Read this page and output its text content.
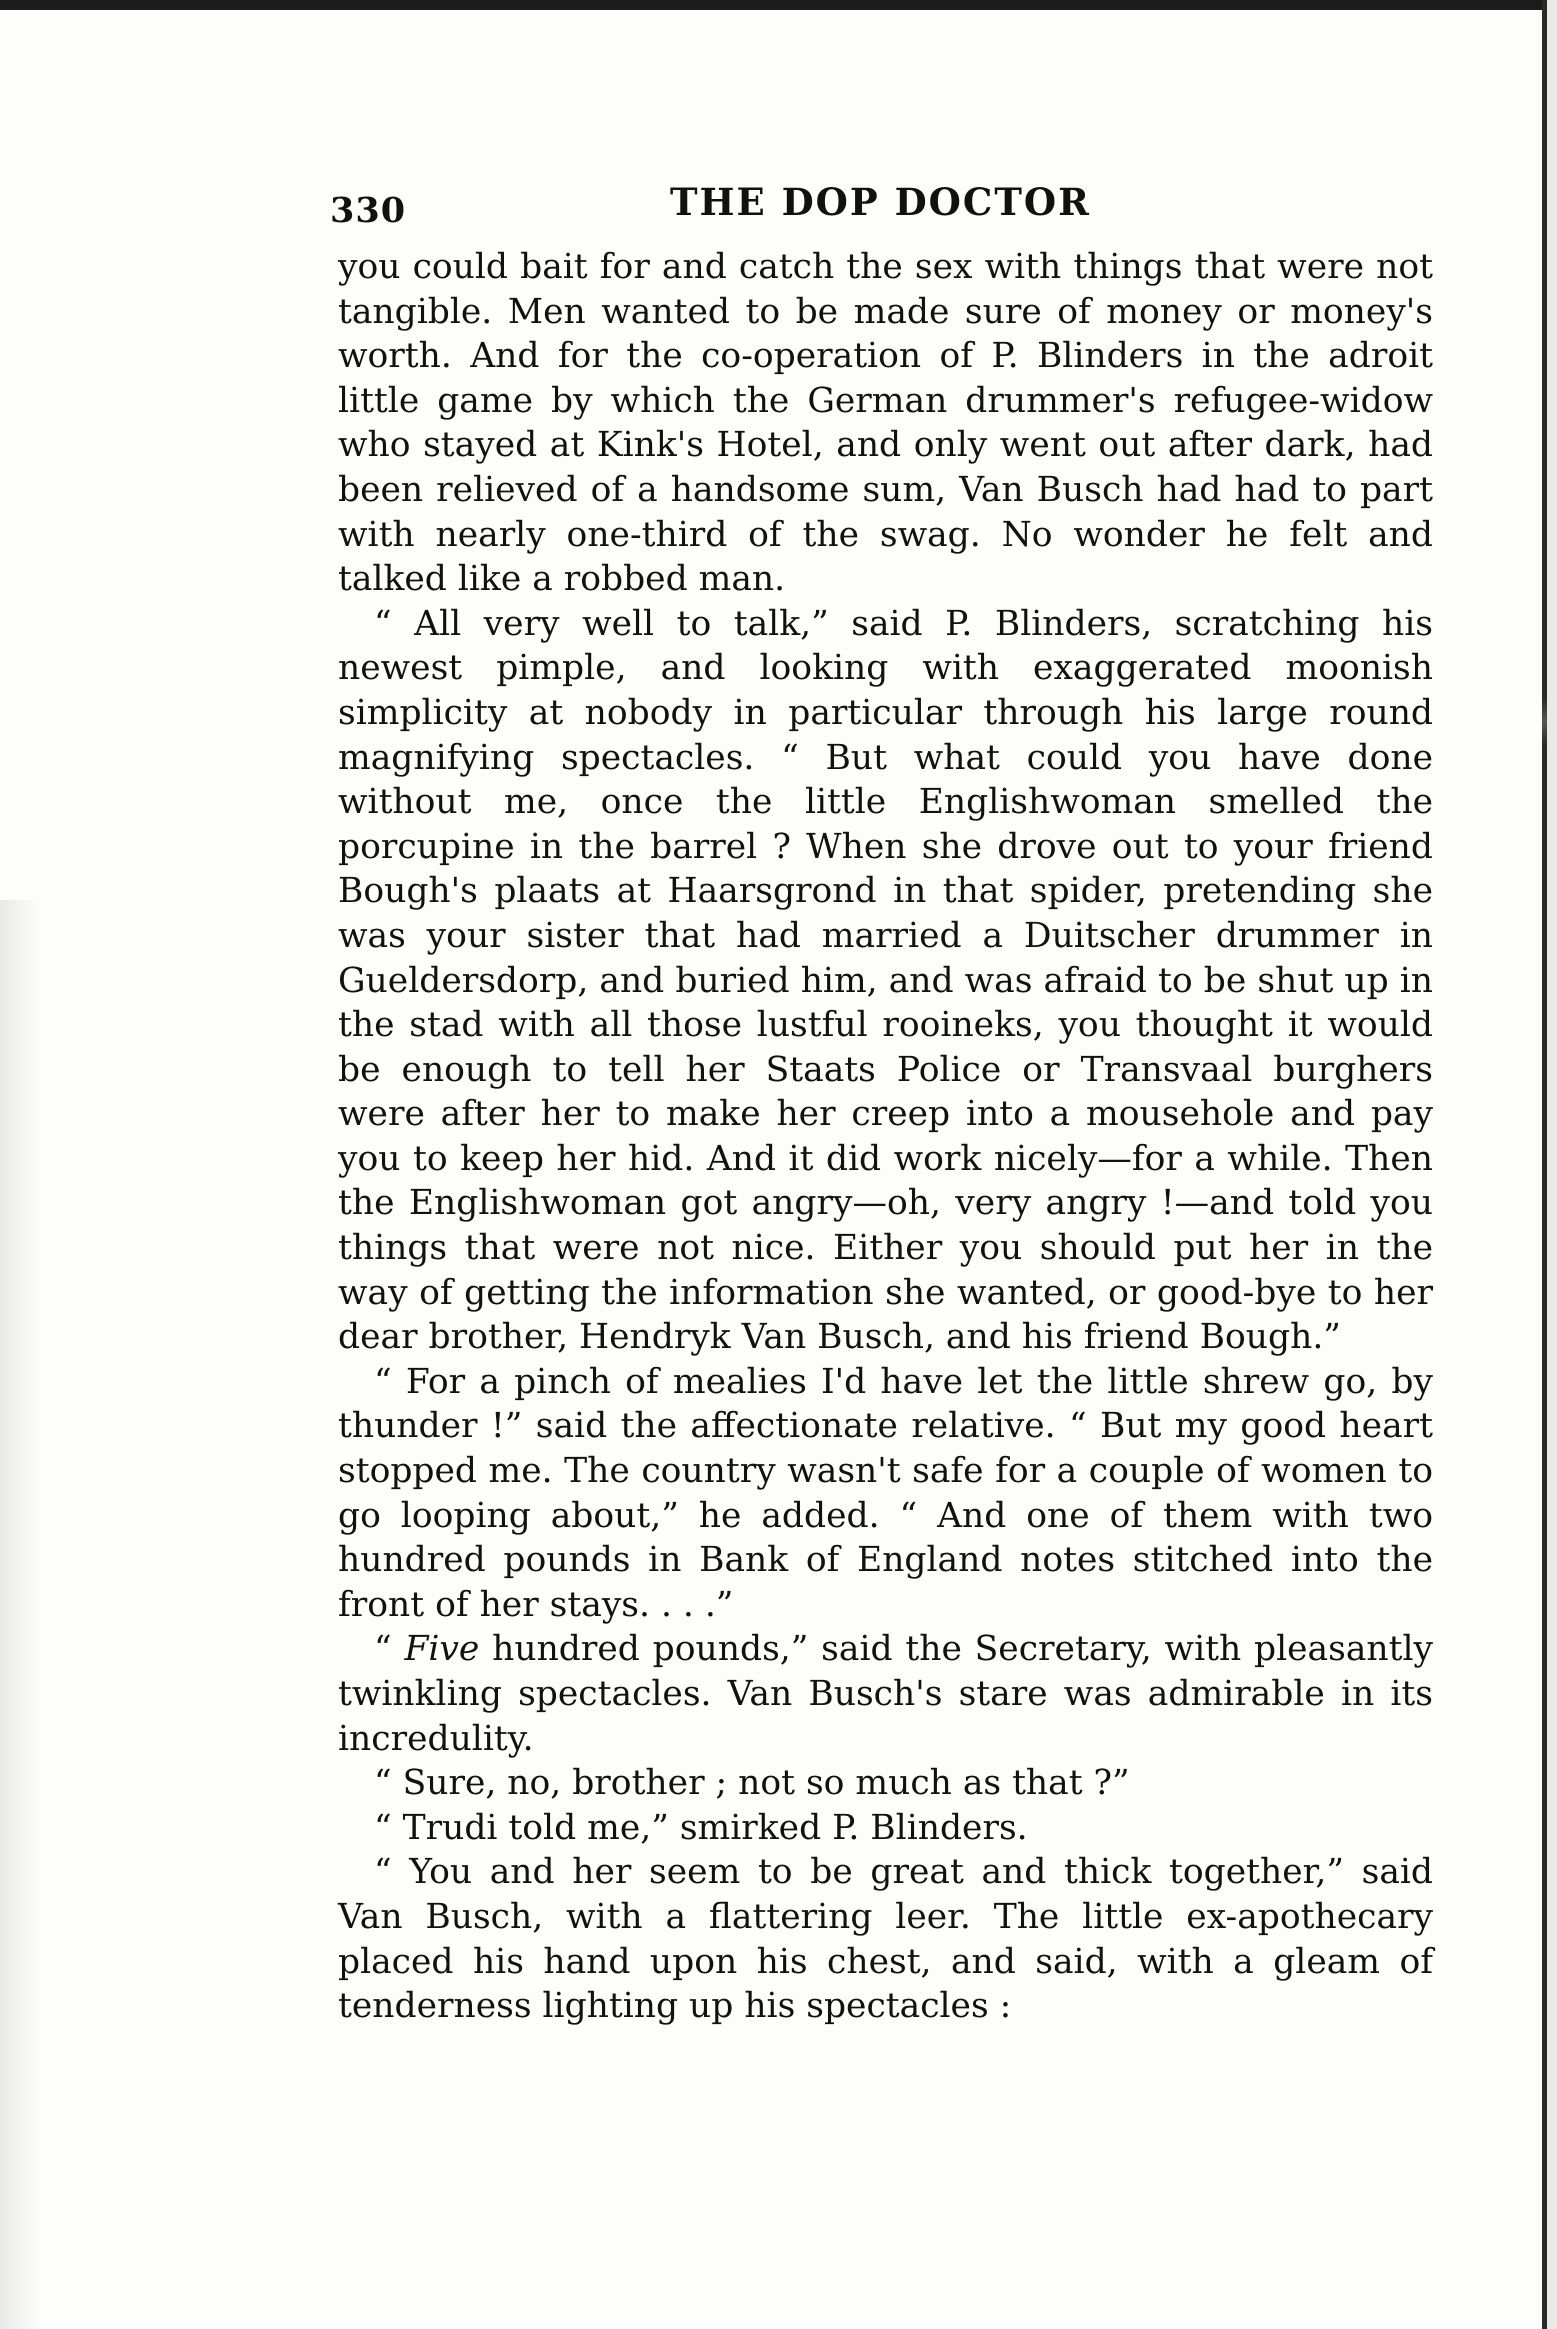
330	THE DOP DOCTOR

you could bait for and catch the sex with things that were not tangible. Men wanted to be made sure of money or money's worth. And for the co-operation of P. Blinders in the adroit little game by which the German drummer's refugee-widow who stayed at Kink's Hotel, and only went out after dark, had been relieved of a handsome sum, Van Busch had had to part with nearly one-third of the swag. No wonder he felt and talked like a robbed man.

“ All very well to talk,” said P. Blinders, scratching his newest pimple, and looking with exaggerated moonish simplicity at nobody in particular through his large round magnifying spectacles. “ But what could you have done without me, once the little Englishwoman smelled the porcupine in the barrel ? When she drove out to your friend Bough's plaats at Haarsgrond in that spider, pretending she was your sister that had married a Duitscher drummer in Gueldersdorp, and buried him, and was afraid to be shut up in the stad with all those lustful rooineks, you thought it would be enough to tell her Staats Police or Transvaal burghers were after her to make her creep into a mousehole and pay you to keep her hid. And it did work nicely—for a while. Then the Englishwoman got angry—oh, very angry !—and told you things that were not nice. Either you should put her in the way of getting the information she wanted, or good-bye to her dear brother, Hendryk Van Busch, and his friend Bough.”

“ For a pinch of mealies I'd have let the little shrew go, by thunder !” said the affectionate relative. “ But my good heart stopped me. The country wasn't safe for a couple of women to go looping about,” he added. “ And one of them with two hundred pounds in Bank of England notes stitched into the front of her stays. . . .”

“ Five hundred pounds,” said the Secretary, with pleasantly twinkling spectacles. Van Busch's stare was admirable in its incredulity.

“ Sure, no, brother ; not so much as that ?”

“ Trudi told me,” smirked P. Blinders.

“ You and her seem to be great and thick together,” said Van Busch, with a flattering leer. The little ex-apothecary placed his hand upon his chest, and said, with a gleam of tenderness lighting up his spectacles :
